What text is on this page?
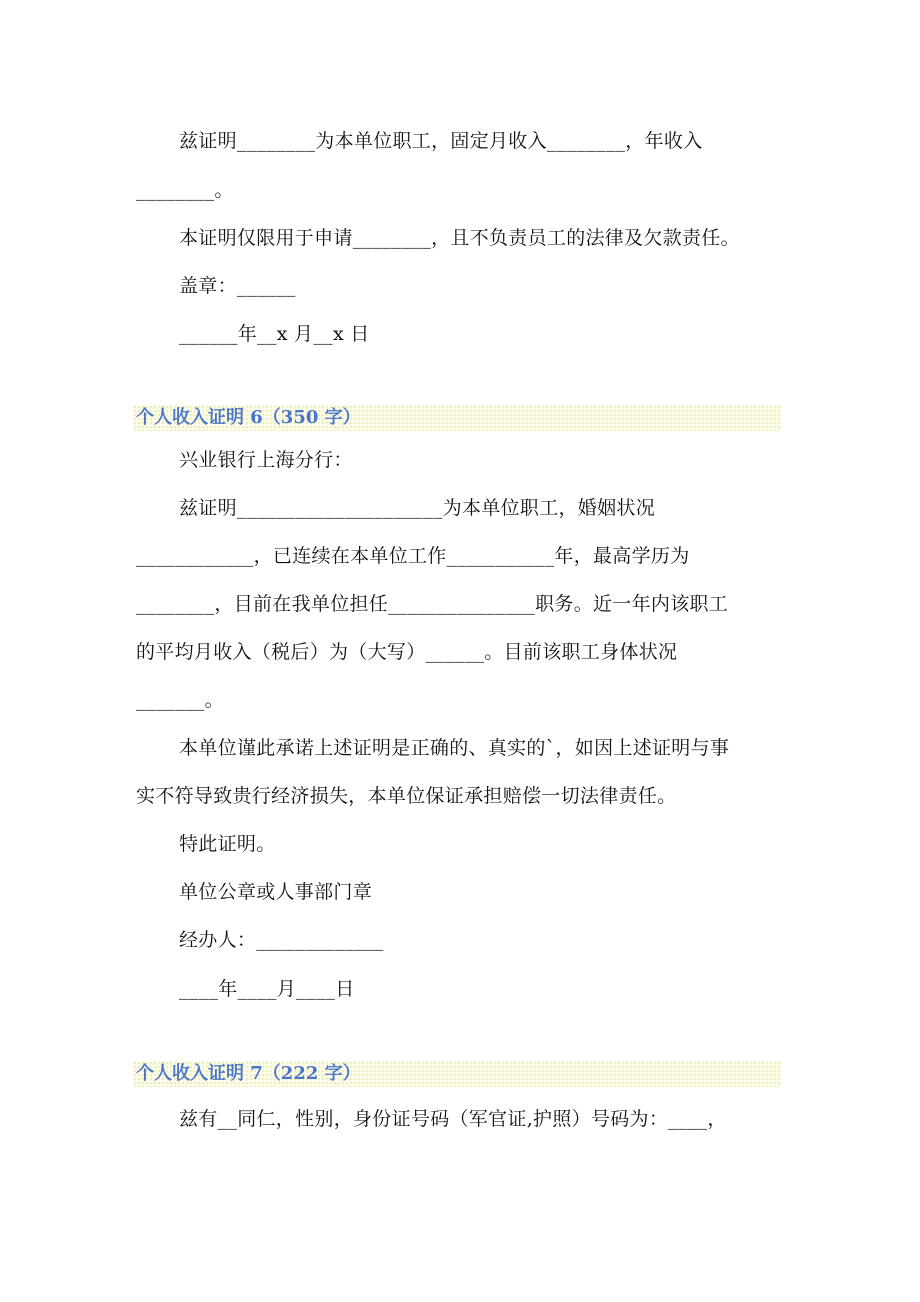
兹证明________为本单位职工，固定月收入________，年收入
________。
本证明仅限用于申请________，且不负责员工的法律及欠款责任。
盖章：______
______年__x 月__x 日
个人收入证明 6（350 字）
兴业银行上海分行：
兹证明_____________________为本单位职工，婚姻状况
____________，已连续在本单位工作___________年，最高学历为
________，目前在我单位担任_______________职务。近一年内该职工
的平均月收入（税后）为（大写）______。目前该职工身体状况
_______。
本单位谨此承诺上述证明是正确的、真实的`，如因上述证明与事
实不符导致贵行经济损失，本单位保证承担赔偿一切法律责任。
特此证明。
单位公章或人事部门章
经办人：_____________
____年____月____日
个人收入证明 7（222 字）
兹有__同仁，性别，身份证号码（军官证,护照）号码为：____，
